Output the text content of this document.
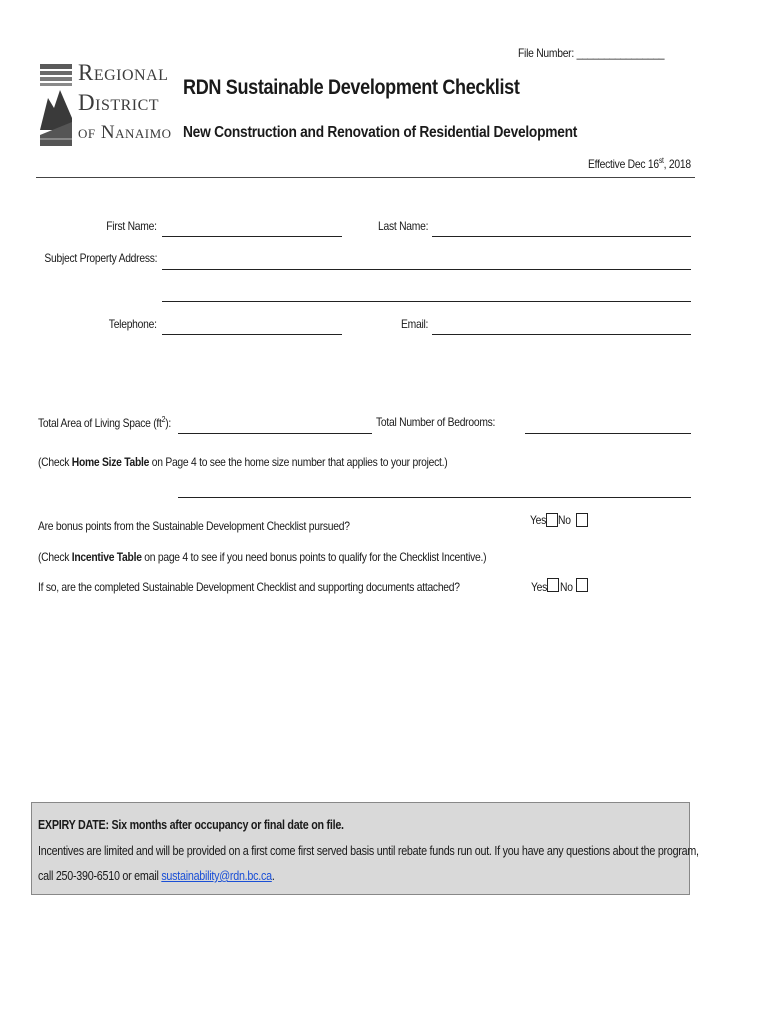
File Number: ________________
Regional
District
of Nanaimo
RDN Sustainable Development Checklist
New Construction and Renovation of Residential Development
Effective Dec 16st, 2018
First Name:	Last Name:
Subject Property Address:
Telephone:	Email:
Total Area of Living Space $(ft^2)$:	Total Number of Bedrooms:
(Check Home Size Table on Page 4 to see the home size number that applies to your project.)
Are bonus points from the Sustainable Development Checklist pursued?	Yes No
(Check Incentive Table on page 4 to see if you need bonus points to qualify for the Checklist Incentive.)
If so, are the completed Sustainable Development Checklist and supporting documents attached?	Yes No
EXPIRY DATE: Six months after occupancy or final date on file.
Incentives are limited and will be provided on a first come first served basis until rebate funds run out. If you have any questions about the program,
call 250-390-6510 or email sustainability@rdn.bc.ca.
